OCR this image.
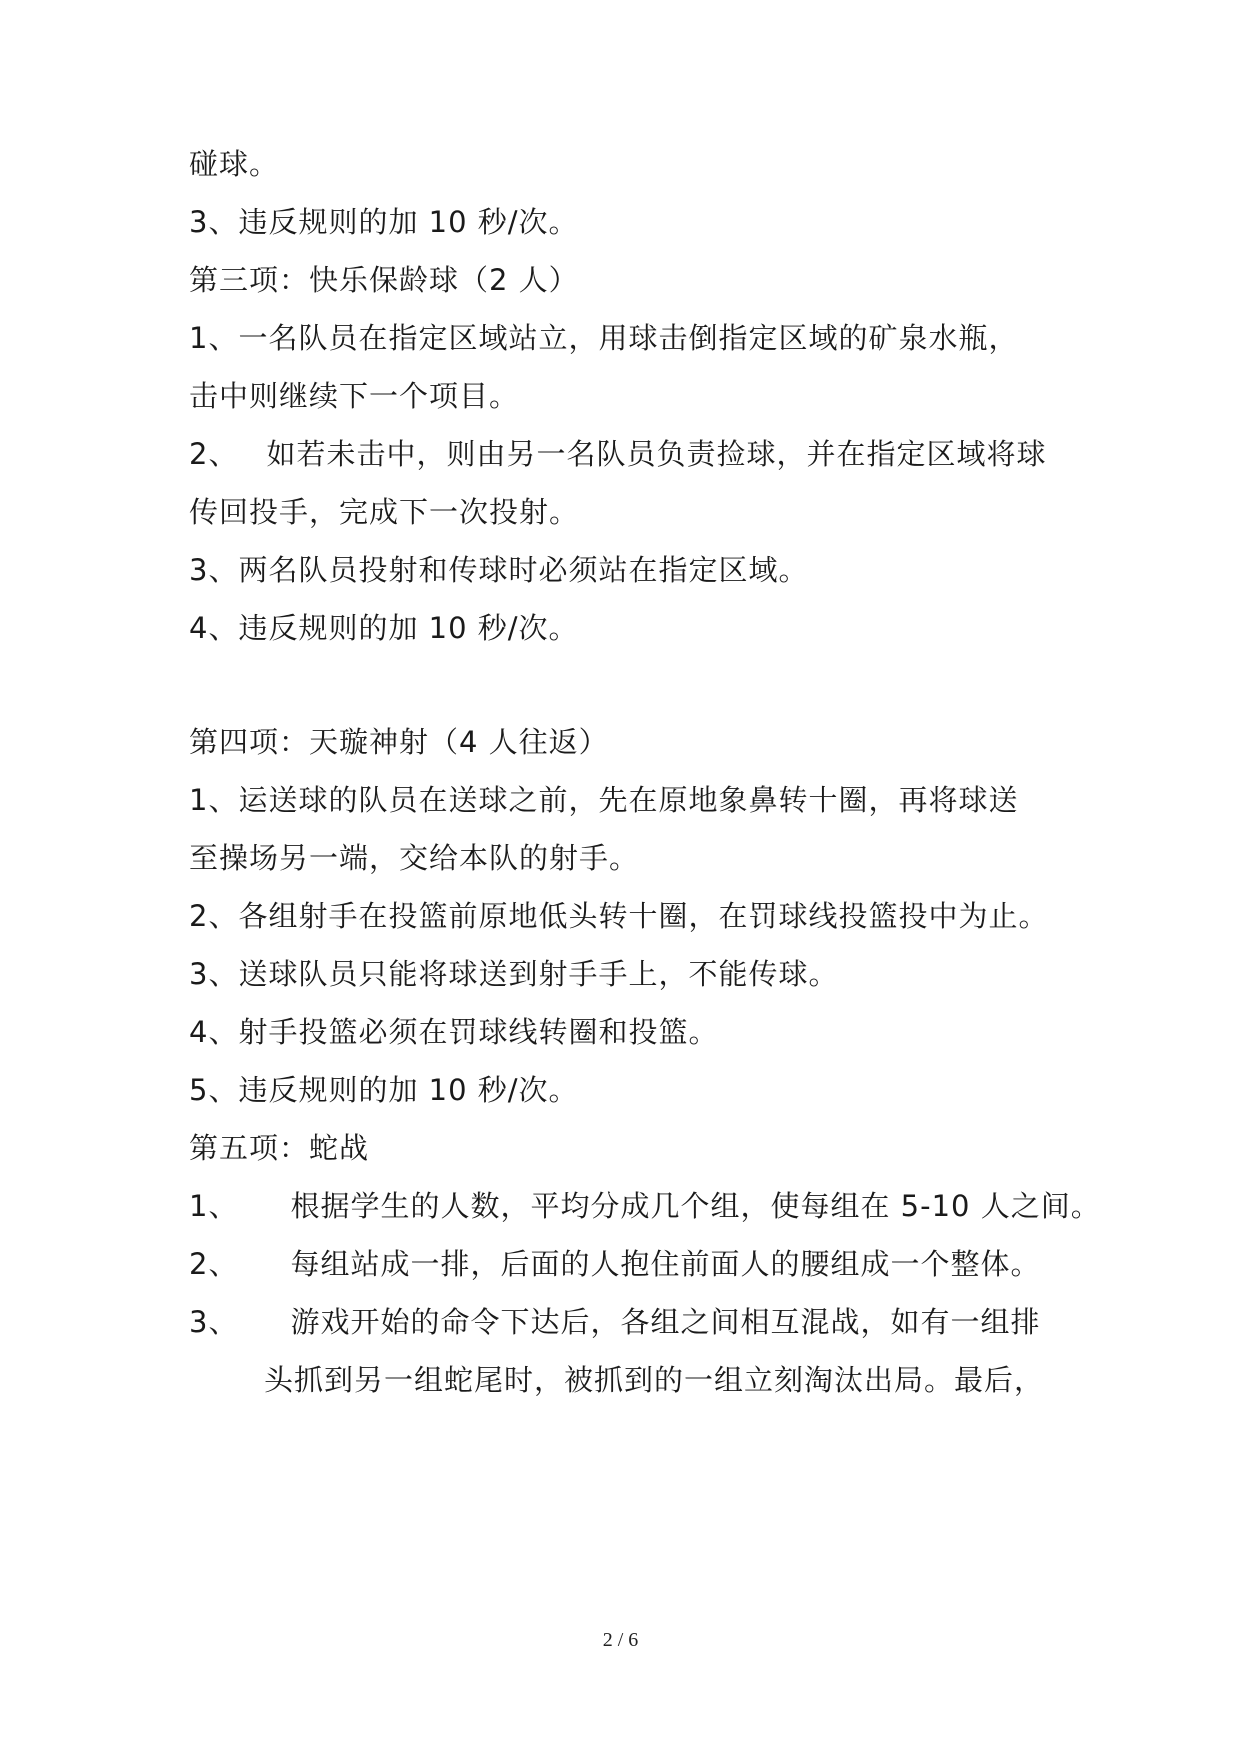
碰球。
3、违反规则的加 10 秒/次。
第三项：快乐保龄球（2 人）
1、一名队员在指定区域站立，用球击倒指定区域的矿泉水瓶，
击中则继续下一个项目。
2、 如若未击中，则由另一名队员负责捡球，并在指定区域将球
传回投手，完成下一次投射。
3、两名队员投射和传球时必须站在指定区域。
4、违反规则的加 10 秒/次。
第四项：天璇神射（4 人往返）
1、运送球的队员在送球之前，先在原地象鼻转十圈，再将球送
至操场另一端，交给本队的射手。
2、各组射手在投篮前原地低头转十圈，在罚球线投篮投中为止。
3、送球队员只能将球送到射手手上，不能传球。
4、射手投篮必须在罚球线转圈和投篮。
5、违反规则的加 10 秒/次。
第五项：蛇战
1、 根据学生的人数，平均分成几个组，使每组在 5-10 人之间。
2、 每组站成一排，后面的人抱住前面人的腰组成一个整体。
3、 游戏开始的命令下达后，各组之间相互混战，如有一组排
头抓到另一组蛇尾时，被抓到的一组立刻淘汰出局。最后，
2 / 6
